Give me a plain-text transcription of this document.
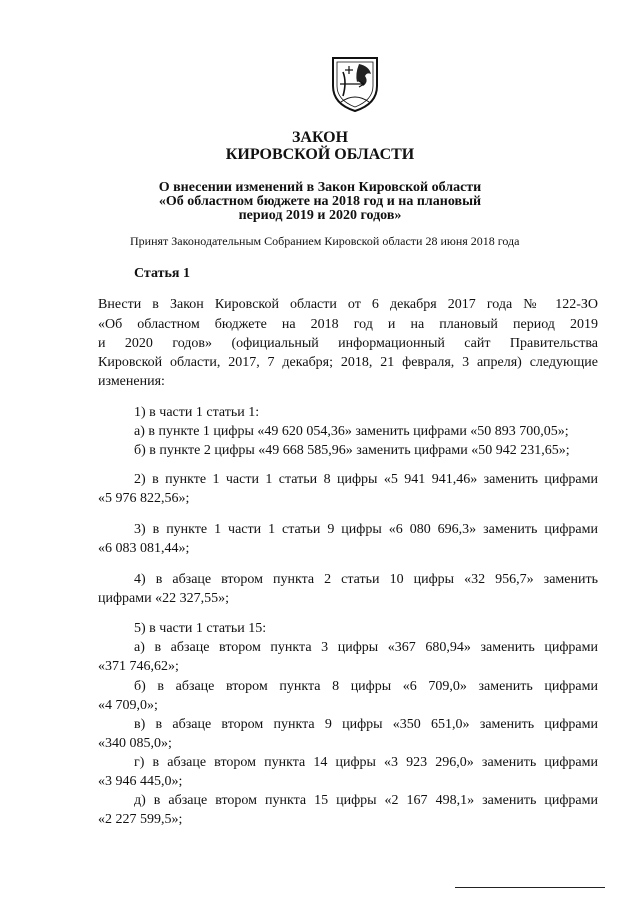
ЗАКОН
КИРОВСКОЙ ОБЛАСТИ
О внесении изменений в Закон Кировской области
«Об областном бюджете на 2018 год и на плановый
период 2019 и 2020 годов»
Принят Законодательным Собранием Кировской области 28 июня 2018 года
Статья 1
Внести в Закон Кировской области от 6 декабря 2017 года № 122-ЗО
«Об областном бюджете на 2018 год и на плановый период 2019
и 2020 годов» (официальный информационный сайт Правительства
Кировской области, 2017, 7 декабря; 2018, 21 февраля, 3 апреля) следующие
изменения:
1) в части 1 статьи 1:
а) в пункте 1 цифры «49 620 054,36» заменить цифрами «50 893 700,05»;
б) в пункте 2 цифры «49 668 585,96» заменить цифрами «50 942 231,65»;
2) в пункте 1 части 1 статьи 8 цифры «5 941 941,46» заменить цифрами
«5 976 822,56»;
3) в пункте 1 части 1 статьи 9 цифры «6 080 696,3» заменить цифрами
«6 083 081,44»;
4) в абзаце втором пункта 2 статьи 10 цифры «32 956,7» заменить
цифрами «22 327,55»;
5) в части 1 статьи 15:
а) в абзаце втором пункта 3 цифры «367 680,94» заменить цифрами
«371 746,62»;
б) в абзаце втором пункта 8 цифры «6 709,0» заменить цифрами
«4 709,0»;
в) в абзаце втором пункта 9 цифры «350 651,0» заменить цифрами
«340 085,0»;
г) в абзаце втором пункта 14 цифры «3 923 296,0» заменить цифрами
«3 946 445,0»;
д) в абзаце втором пункта 15 цифры «2 167 498,1» заменить цифрами
«2 227 599,5»;
